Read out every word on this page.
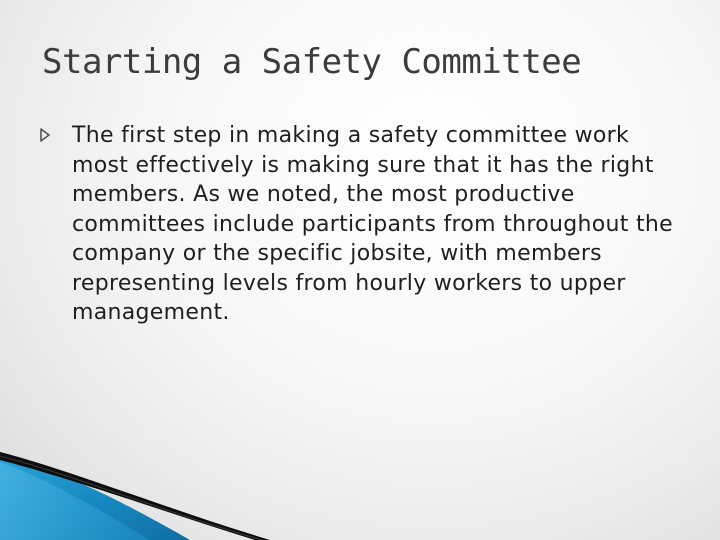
Starting a Safety Committee

The first step in making a safety committee work most effectively is making sure that it has the right members. As we noted, the most productive committees include participants from throughout the company or the specific jobsite, with members representing levels from hourly workers to upper management.
